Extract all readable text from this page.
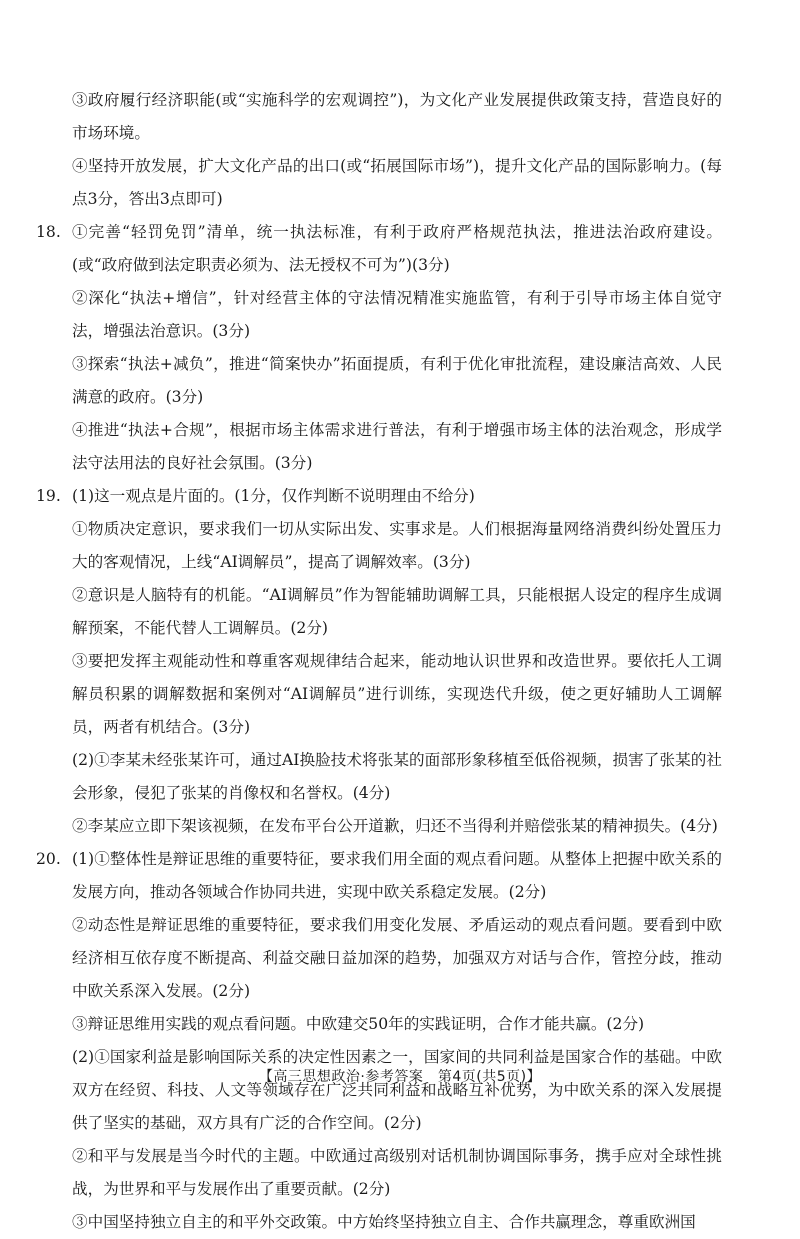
③政府履行经济职能(或“实施科学的宏观调控”)，为文化产业发展提供政策支持，营造良好的市场环境。

④坚持开放发展，扩大文化产品的出口(或“拓展国际市场”)，提升文化产品的国际影响力。(每点3分，答出3点即可)

18. ①完善“轻罚免罚”清单，统一执法标准，有利于政府严格规范执法，推进法治政府建设。(或“政府做到法定职责必须为、法无授权不可为”)(3分)

②深化“执法+增信”，针对经营主体的守法情况精准实施监管，有利于引导市场主体自觉守法，增强法治意识。(3分)

③探索“执法+减负”，推进“简案快办”拓面提质，有利于优化审批流程，建设廉洁高效、人民满意的政府。(3分)

④推进“执法+合规”，根据市场主体需求进行普法，有利于增强市场主体的法治观念，形成学法守法用法的良好社会氛围。(3分)

19. (1)这一观点是片面的。(1分，仅作判断不说明理由不给分)

①物质决定意识，要求我们一切从实际出发、实事求是。人们根据海量网络消费纠纷处置压力大的客观情况，上线“AI调解员”，提高了调解效率。(3分)

②意识是人脑特有的机能。“AI调解员”作为智能辅助调解工具，只能根据人设定的程序生成调解预案，不能代替人工调解员。(2分)

③要把发挥主观能动性和尊重客观规律结合起来，能动地认识世界和改造世界。要依托人工调解员积累的调解数据和案例对“AI调解员”进行训练，实现迭代升级，使之更好辅助人工调解员，两者有机结合。(3分)

(2)①李某未经张某许可，通过AI换脸技术将张某的面部形象移植至低俗视频，损害了张某的社会形象，侵犯了张某的肖像权和名誉权。(4分)

②李某应立即下架该视频，在发布平台公开道歉，归还不当得利并赔偿张某的精神损失。(4分)

20. (1)①整体性是辩证思维的重要特征，要求我们用全面的观点看问题。从整体上把握中欧关系的发展方向，推动各领域合作协同共进，实现中欧关系稳定发展。(2分)

②动态性是辩证思维的重要特征，要求我们用变化发展、矛盾运动的观点看问题。要看到中欧经济相互依存度不断提高、利益交融日益加深的趋势，加强双方对话与合作，管控分歧，推动中欧关系深入发展。(2分)

③辩证思维用实践的观点看问题。中欧建交50年的实践证明，合作才能共赢。(2分)

(2)①国家利益是影响国际关系的决定性因素之一，国家间的共同利益是国家合作的基础。中欧双方在经贸、科技、人文等领域存在广泛共同利益和战略互补优势，为中欧关系的深入发展提供了坚实的基础，双方具有广泛的合作空间。(2分)

②和平与发展是当今时代的主题。中欧通过高级别对话机制协调国际事务，携手应对全球性挑战，为世界和平与发展作出了重要贡献。(2分)

③中国坚持独立自主的和平外交政策。中方始终坚持独立自主、合作共赢理念，尊重欧洲国

【高三思想政治·参考答案　第4页(共5页)】
